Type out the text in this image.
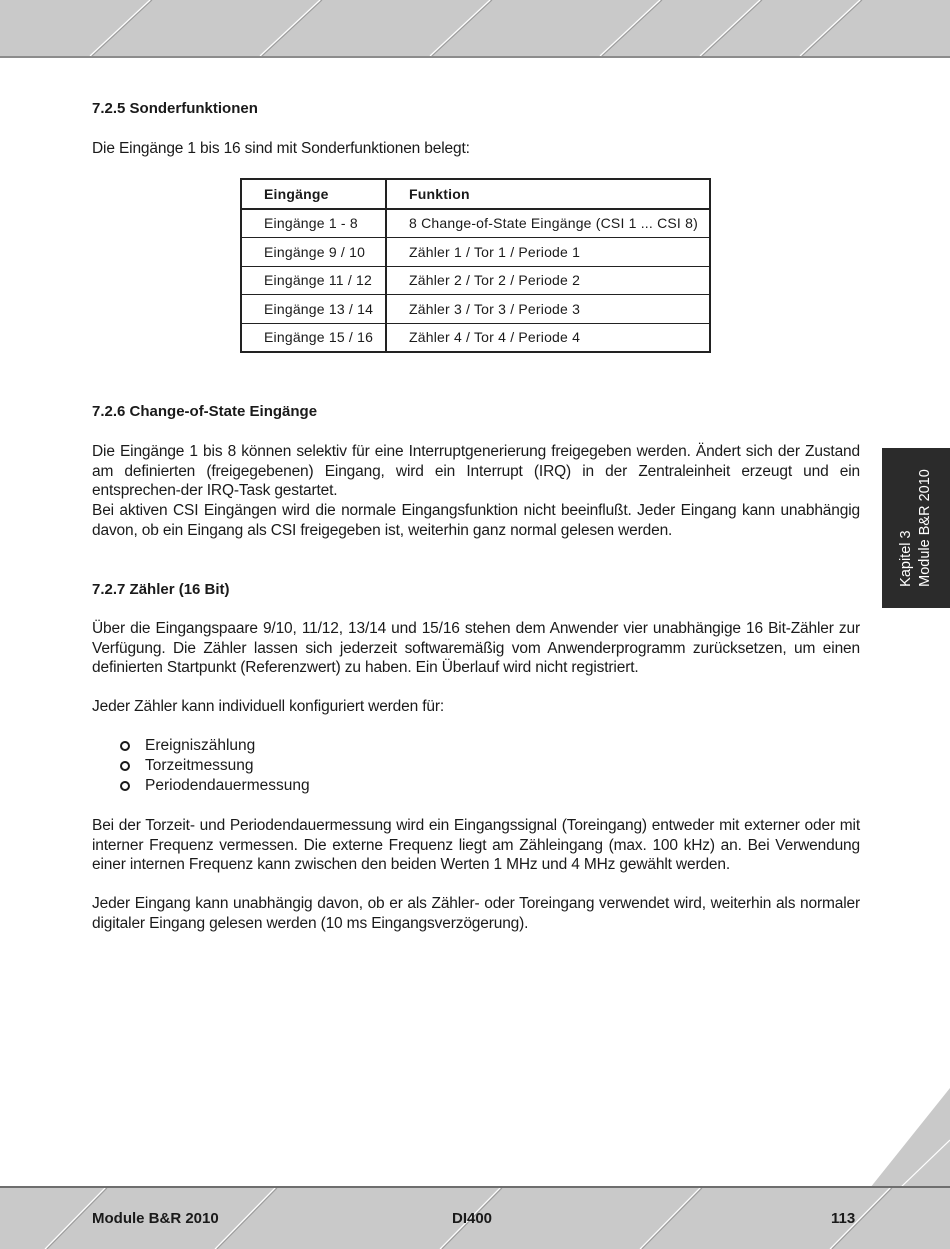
7.2.5 Sonderfunktionen

Die Eingänge 1 bis 16 sind mit Sonderfunktionen belegt:

Eingänge	Funktion
Eingänge 1 - 8	8 Change-of-State Eingänge (CSI 1 ... CSI 8)
Eingänge 9 / 10	Zähler 1 / Tor 1 / Periode 1
Eingänge 11 / 12	Zähler 2 / Tor 2 / Periode 2
Eingänge 13 / 14	Zähler 3 / Tor 3 / Periode 3
Eingänge 15 / 16	Zähler 4 / Tor 4 / Periode 4
7.2.6 Change-of-State Eingänge

Die Eingänge 1 bis 8 können selektiv für eine Interruptgenerierung freigegeben werden. Ändert sich der Zustand am definierten (freigegebenen) Eingang, wird ein Interrupt (IRQ) in der Zentraleinheit erzeugt und ein entsprechen-der IRQ-Task gestartet.

Bei aktiven CSI Eingängen wird die normale Eingangsfunktion nicht beeinflußt. Jeder Eingang kann unabhängig davon, ob ein Eingang als CSI freigegeben ist, weiterhin ganz normal gelesen werden.

7.2.7 Zähler (16 Bit)

Über die Eingangspaare 9/10, 11/12, 13/14 und 15/16 stehen dem Anwender vier unabhängige 16 Bit-Zähler zur Verfügung. Die Zähler lassen sich jederzeit softwaremäßig vom Anwenderprogramm zurücksetzen, um einen definierten Startpunkt (Referenzwert) zu haben. Ein Überlauf wird nicht registriert.

Jeder Zähler kann individuell konfiguriert werden für:

Ereigniszählung
Torzeitmessung
Periodendauermessung

Bei der Torzeit- und Periodendauermessung wird ein Eingangssignal (Toreingang) entweder mit externer oder mit interner Frequenz vermessen. Die externe Frequenz liegt am Zähleingang (max. 100 kHz) an. Bei Verwendung einer internen Frequenz kann zwischen den beiden Werten 1 MHz und 4 MHz gewählt werden.

Jeder Eingang kann unabhängig davon, ob er als Zähler- oder Toreingang verwendet wird, weiterhin als normaler digitaler Eingang gelesen werden (10 ms Eingangsverzögerung).

Kapitel 3 Module B&R 2010
Module B&R 2010	DI400	113
